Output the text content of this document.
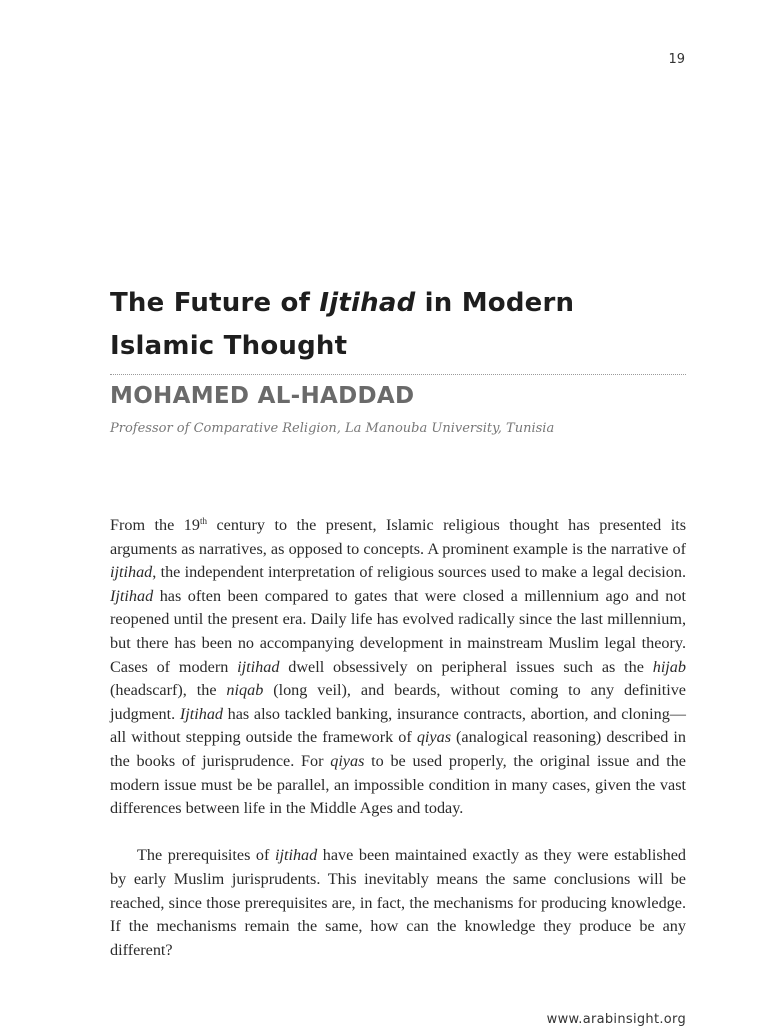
19
The Future of Ijtihad in Modern Islamic Thought
MOHAMED AL-HADDAD
Professor of Comparative Religion, La Manouba University, Tunisia

From the 19th century to the present, Islamic religious thought has presented its arguments as narratives, as opposed to concepts. A prominent example is the narrative of ijtihad, the independent interpretation of religious sources used to make a legal decision. Ijtihad has often been compared to gates that were closed a millennium ago and not reopened until the present era. Daily life has evolved radically since the last millennium, but there has been no accompanying development in mainstream Muslim legal theory. Cases of modern ijtihad dwell obsessively on peripheral issues such as the hijab (headscarf), the niqab (long veil), and beards, without coming to any definitive judgment. Ijtihad has also tackled banking, insurance contracts, abortion, and cloning— all without stepping outside the framework of qiyas (analogical reasoning) described in the books of jurisprudence. For qiyas to be used properly, the original issue and the modern issue must be be parallel, an impossible condition in many cases, given the vast differences between life in the Middle Ages and today.

The prerequisites of ijtihad have been maintained exactly as they were established by early Muslim jurisprudents. This inevitably means the same conclusions will be reached, since those prerequisites are, in fact, the mechanisms for producing knowledge. If the mechanisms remain the same, how can the knowledge they produce be any different?

www.arabinsight.org
